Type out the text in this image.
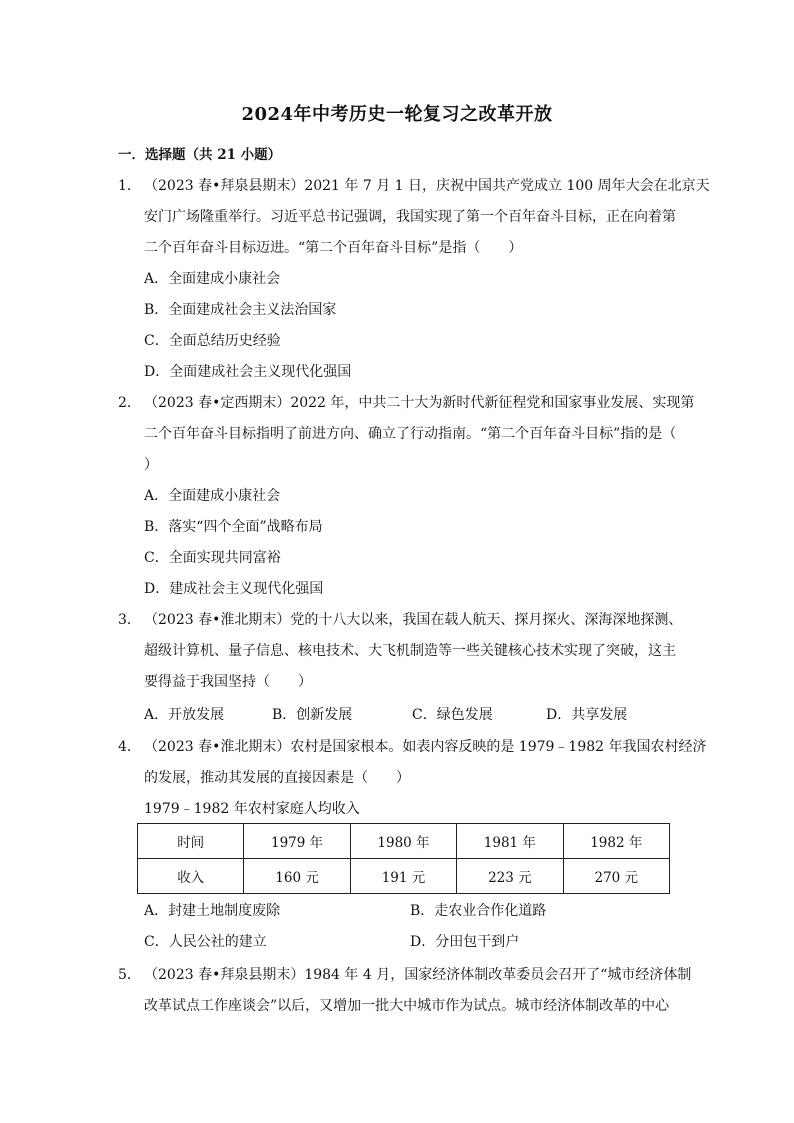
2024年中考历史一轮复习之改革开放
一．选择题（共 21 小题）
1． （2023 春•拜泉县期末）2021 年 7 月 1 日，庆祝中国共产党成立 100 周年大会在北京天
安门广场隆重举行。习近平总书记强调，我国实现了第一个百年奋斗目标，正在向着第
二个百年奋斗目标迈进。“第二个百年奋斗目标”是指（　　）
A．全面建成小康社会
B．全面建成社会主义法治国家
C．全面总结历史经验
D．全面建成社会主义现代化强国
2． （2023 春•定西期末）2022 年，中共二十大为新时代新征程党和国家事业发展、实现第
二个百年奋斗目标指明了前进方向、确立了行动指南。“第二个百年奋斗目标”指的是（
）
A．全面建成小康社会
B．落实“四个全面”战略布局
C．全面实现共同富裕
D．建成社会主义现代化强国
3． （2023 春•淮北期末）党的十八大以来，我国在载人航天、探月探火、深海深地探测、
超级计算机、量子信息、核电技术、大飞机制造等一些关键核心技术实现了突破，这主
要得益于我国坚持（　　）
A．开放发展	B．创新发展	C．绿色发展	D．共享发展
4． （2023 春•淮北期末）农村是国家根本。如表内容反映的是 1979﹣1982 年我国农村经济
的发展，推动其发展的直接因素是（　　）
1979﹣1982 年农村家庭人均收入
时间	1979 年	1980 年	1981 年	1982 年
收入	160 元	191 元	223 元	270 元
A．封建土地制度废除	B．走农业合作化道路
C．人民公社的建立	D．分田包干到户
5． （2023 春•拜泉县期末）1984 年 4 月，国家经济体制改革委员会召开了“城市经济体制
改革试点工作座谈会”以后，又增加一批大中城市作为试点。城市经济体制改革的中心
